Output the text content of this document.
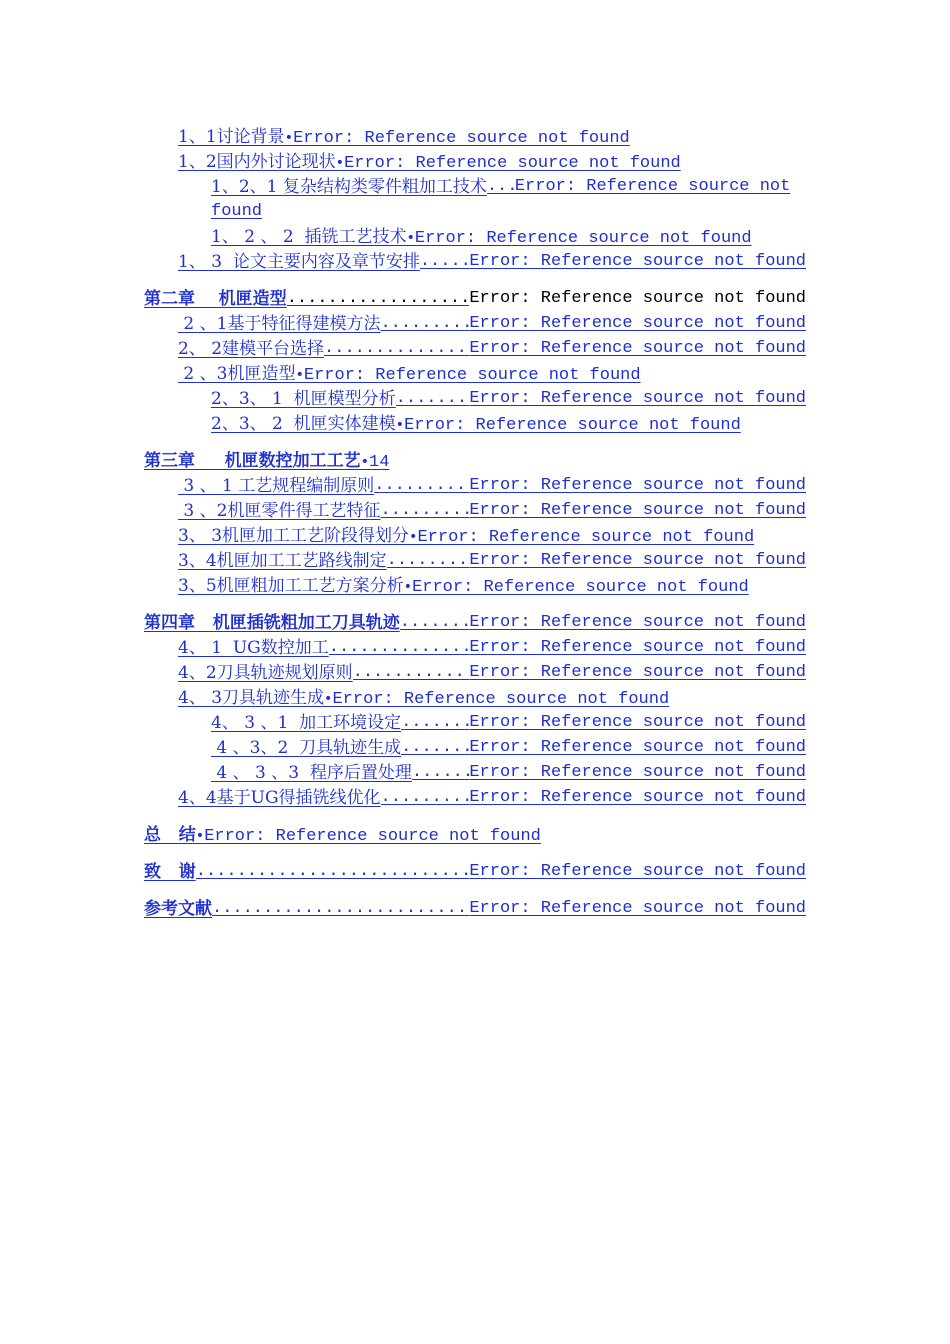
1、1讨论背景•Error: Reference source not found
1、2国内外讨论现状•Error: Reference source not found
1、2、1 复杂结构类零件粗加工技术 ..... Error: Reference source not
found
1、 2 、 2  插铣工艺技术•Error: Reference source not found
1、 3  论文主要内容及章节安排 .....	Error: Reference source not found
第二章    机匣造型 .....	Error: Reference source not found
2 、1基于特征得建模方法 .....	Error: Reference source not found
2、 2建模平台选择 .....	Error: Reference source not found
2 、3机匣造型•Error: Reference source not found
2、3、 1  机匣模型分析 .....	Error: Reference source not found
2、3、 2  机匣实体建模•Error: Reference source not found
第三章     机匣数控加工工艺•14
3 、 1 工艺规程编制原则 .....	Error: Reference source not found
3 、2机匣零件得工艺特征 .....	Error: Reference source not found
3、 3机匣加工工艺阶段得划分•Error: Reference source not found
3、4机匣加工工艺路线制定 .....	Error: Reference source not found
3、5机匣粗加工工艺方案分析•Error: Reference source not found
第四章   机匣插铣粗加工刀具轨迹 .....	Error: Reference source not found
4、 1  UG数控加工 .....	Error: Reference source not found
4、2刀具轨迹规划原则 .....	Error: Reference source not found
4、 3刀具轨迹生成•Error: Reference source not found
4、 3 、1  加工环境设定 .....	Error: Reference source not found
4 、3、2  刀具轨迹生成 .....	Error: Reference source not found
4 、 3 、3  程序后置处理 .....	Error: Reference source not found
4、4基于UG得插铣线优化 .....	Error: Reference source not found
总   结•Error: Reference source not found
致   谢 .....	Error: Reference source not found
参考文献 .....	Error: Reference source not found
